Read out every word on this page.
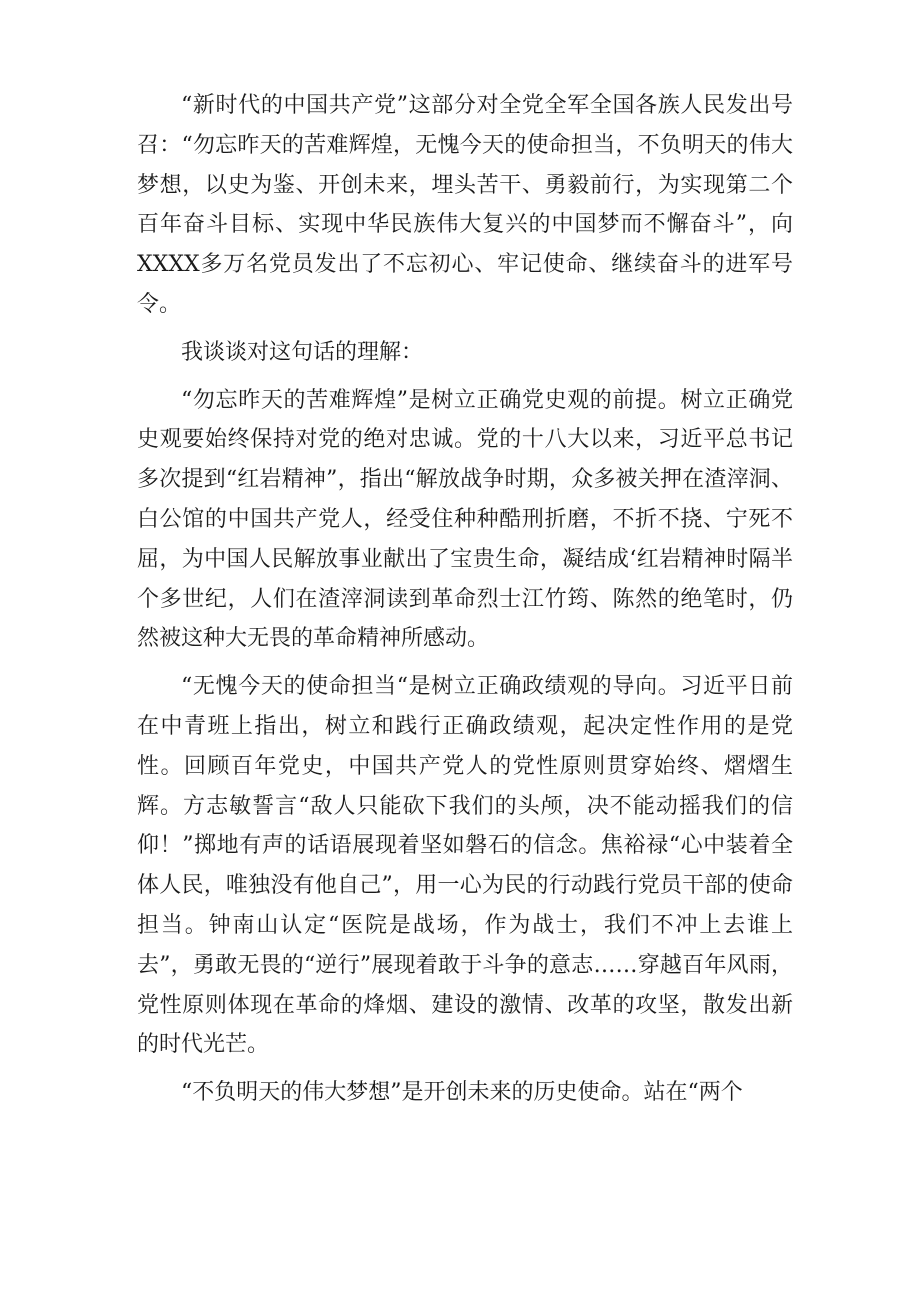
“新时代的中国共产党”这部分对全党全军全国各族人民发出号召：“勿忘昨天的苦难辉煌，无愧今天的使命担当，不负明天的伟大梦想，以史为鉴、开创未来，埋头苦干、勇毅前行，为实现第二个百年奋斗目标、实现中华民族伟大复兴的中国梦而不懈奋斗”，向XXXX多万名党员发出了不忘初心、牢记使命、继续奋斗的进军号令。

我谈谈对这句话的理解：

“勿忘昨天的苦难辉煌”是树立正确党史观的前提。树立正确党史观要始终保持对党的绝对忠诚。党的十八大以来，习近平总书记多次提到“红岩精神”，指出“解放战争时期，众多被关押在渣滓洞、白公馆的中国共产党人，经受住种种酷刑折磨，不折不挠、宁死不屈，为中国人民解放事业献出了宝贵生命，凝结成‘红岩精神时隔半个多世纪，人们在渣滓洞读到革命烈士江竹筠、陈然的绝笔时，仍然被这种大无畏的革命精神所感动。

“无愧今天的使命担当“是树立正确政绩观的导向。习近平日前在中青班上指出，树立和践行正确政绩观，起决定性作用的是党性。回顾百年党史，中国共产党人的党性原则贯穿始终、熠熠生辉。方志敏誓言“敌人只能砍下我们的头颅，决不能动摇我们的信仰！”掷地有声的话语展现着坚如磐石的信念。焦裕禄“心中装着全体人民，唯独没有他自己”，用一心为民的行动践行党员干部的使命担当。钟南山认定“医院是战场，作为战士，我们不冲上去谁上去”，勇敢无畏的“逆行”展现着敢于斗争的意志……穿越百年风雨，党性原则体现在革命的烽烟、建设的激情、改革的攻坚，散发出新的时代光芒。

“不负明天的伟大梦想”是开创未来的历史使命。站在“两个
